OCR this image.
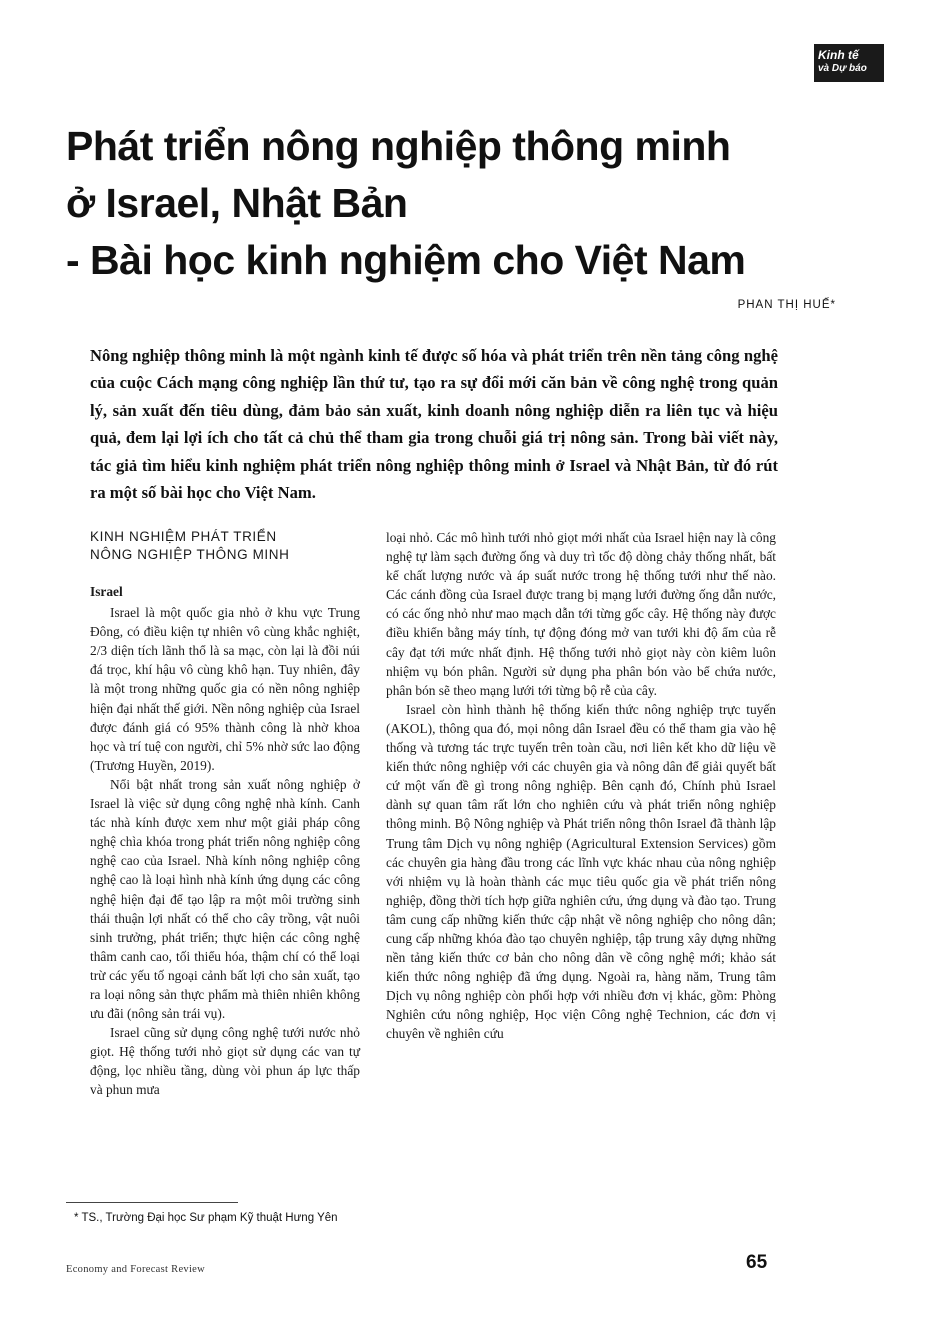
Kinh tế
và Dự báo
Phát triển nông nghiệp thông minh
ở Israel, Nhật Bản
- Bài học kinh nghiệm cho Việt Nam
PHAN THỊ HUẾ*
Nông nghiệp thông minh là một ngành kinh tế được số hóa và phát triển trên nền tảng công nghệ của cuộc Cách mạng công nghiệp lần thứ tư, tạo ra sự đổi mới căn bản về công nghệ trong quản lý, sản xuất đến tiêu dùng, đảm bảo sản xuất, kinh doanh nông nghiệp diễn ra liên tục và hiệu quả, đem lại lợi ích cho tất cả chủ thể tham gia trong chuỗi giá trị nông sản. Trong bài viết này, tác giả tìm hiểu kinh nghiệm phát triển nông nghiệp thông minh ở Israel và Nhật Bản, từ đó rút ra một số bài học cho Việt Nam.
KINH NGHIỆM PHÁT TRIỂN
NÔNG NGHIỆP THÔNG MINH
Israel

Israel là một quốc gia nhỏ ở khu vực Trung Đông, có điều kiện tự nhiên vô cùng khắc nghiệt, 2/3 diện tích lãnh thổ là sa mạc, còn lại là đồi núi đá trọc, khí hậu vô cùng khô hạn. Tuy nhiên, đây là một trong những quốc gia có nền nông nghiệp hiện đại nhất thế giới. Nền nông nghiệp của Israel được đánh giá có 95% thành công là nhờ khoa học và trí tuệ con người, chỉ 5% nhờ sức lao động (Trương Huyền, 2019).

Nổi bật nhất trong sản xuất nông nghiệp ở Israel là việc sử dụng công nghệ nhà kính. Canh tác nhà kính được xem như một giải pháp công nghệ chìa khóa trong phát triển nông nghiệp công nghệ cao của Israel. Nhà kính nông nghiệp công nghệ cao là loại hình nhà kính ứng dụng các công nghệ hiện đại để tạo lập ra một môi trường sinh thái thuận lợi nhất có thể cho cây trồng, vật nuôi sinh trưởng, phát triển; thực hiện các công nghệ thâm canh cao, tối thiểu hóa, thậm chí có thể loại trừ các yếu tố ngoại cảnh bất lợi cho sản xuất, tạo ra loại nông sản thực phẩm mà thiên nhiên không ưu đãi (nông sản trái vụ).

Israel cũng sử dụng công nghệ tưới nước nhỏ giọt. Hệ thống tưới nhỏ giọt sử dụng các van tự động, lọc nhiều tầng, dùng vòi phun áp lực thấp và phun mưa

loại nhỏ. Các mô hình tưới nhỏ giọt mới nhất của Israel hiện nay là công nghệ tự làm sạch đường ống và duy trì tốc độ dòng chảy thống nhất, bất kể chất lượng nước và áp suất nước trong hệ thống tưới như thế nào. Các cánh đồng của Israel được trang bị mạng lưới đường ống dẫn nước, có các ống nhỏ như mao mạch dẫn tới từng gốc cây. Hệ thống này được điều khiển bằng máy tính, tự động đóng mở van tưới khi độ ẩm của rễ cây đạt tới mức nhất định. Hệ thống tưới nhỏ giọt này còn kiêm luôn nhiệm vụ bón phân. Người sử dụng pha phân bón vào bể chứa nước, phân bón sẽ theo mạng lưới tới từng bộ rễ của cây.

Israel còn hình thành hệ thống kiến thức nông nghiệp trực tuyến (AKOL), thông qua đó, mọi nông dân Israel đều có thể tham gia vào hệ thống và tương tác trực tuyến trên toàn cầu, nơi liên kết kho dữ liệu về kiến thức nông nghiệp với các chuyên gia và nông dân để giải quyết bất cứ một vấn đề gì trong nông nghiệp. Bên cạnh đó, Chính phủ Israel dành sự quan tâm rất lớn cho nghiên cứu và phát triển nông nghiệp thông minh. Bộ Nông nghiệp và Phát triển nông thôn Israel đã thành lập Trung tâm Dịch vụ nông nghiệp (Agricultural Extension Services) gồm các chuyên gia hàng đầu trong các lĩnh vực khác nhau của nông nghiệp với nhiệm vụ là hoàn thành các mục tiêu quốc gia về phát triển nông nghiệp, đồng thời tích hợp giữa nghiên cứu, ứng dụng và đào tạo. Trung tâm cung cấp những kiến thức cập nhật về nông nghiệp cho nông dân; cung cấp những khóa đào tạo chuyên nghiệp, tập trung xây dựng những nền tảng kiến thức cơ bản cho nông dân về công nghệ mới; khảo sát kiến thức nông nghiệp đã ứng dụng. Ngoài ra, hàng năm, Trung tâm Dịch vụ nông nghiệp còn phối hợp với nhiều đơn vị khác, gồm: Phòng Nghiên cứu nông nghiệp, Học viện Công nghệ Technion, các đơn vị chuyên về nghiên cứu

* TS., Trường Đại học Sư phạm Kỹ thuật Hưng Yên
Economy and Forecast Review	65
